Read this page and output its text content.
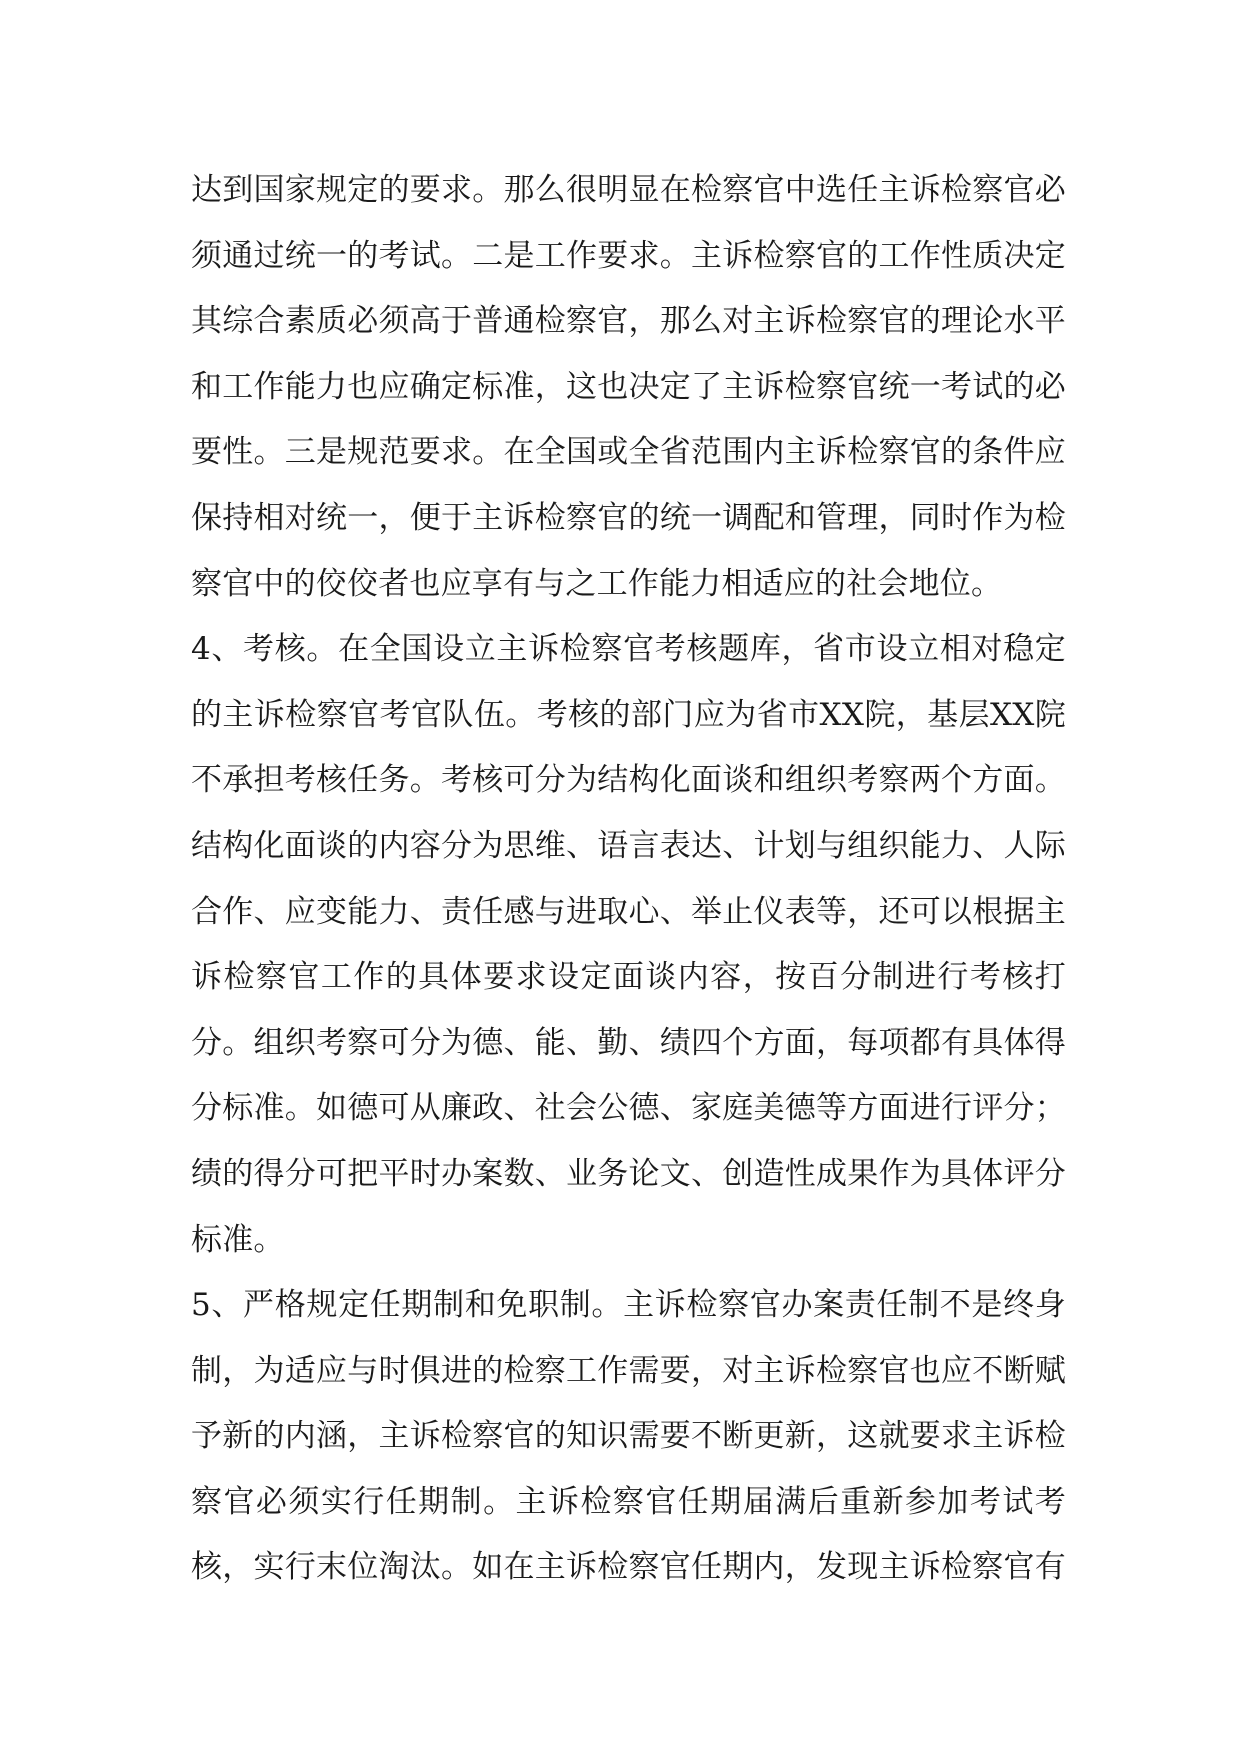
达到国家规定的要求。那么很明显在检察官中选任主诉检察官必
须通过统一的考试。二是工作要求。主诉检察官的工作性质决定
其综合素质必须高于普通检察官，那么对主诉检察官的理论水平
和工作能力也应确定标准，这也决定了主诉检察官统一考试的必
要性。三是规范要求。在全国或全省范围内主诉检察官的条件应
保持相对统一，便于主诉检察官的统一调配和管理，同时作为检
察官中的佼佼者也应享有与之工作能力相适应的社会地位。
4、考核。在全国设立主诉检察官考核题库，省市设立相对稳定
的主诉检察官考官队伍。考核的部门应为省市XX院，基层XX院
不承担考核任务。考核可分为结构化面谈和组织考察两个方面。
结构化面谈的内容分为思维、语言表达、计划与组织能力、人际
合作、应变能力、责任感与进取心、举止仪表等，还可以根据主
诉检察官工作的具体要求设定面谈内容，按百分制进行考核打
分。组织考察可分为德、能、勤、绩四个方面，每项都有具体得
分标准。如德可从廉政、社会公德、家庭美德等方面进行评分；
绩的得分可把平时办案数、业务论文、创造性成果作为具体评分
标准。
5、严格规定任期制和免职制。主诉检察官办案责任制不是终身
制，为适应与时俱进的检察工作需要，对主诉检察官也应不断赋
予新的内涵，主诉检察官的知识需要不断更新，这就要求主诉检
察官必须实行任期制。主诉检察官任期届满后重新参加考试考
核，实行末位淘汰。如在主诉检察官任期内，发现主诉检察官有
